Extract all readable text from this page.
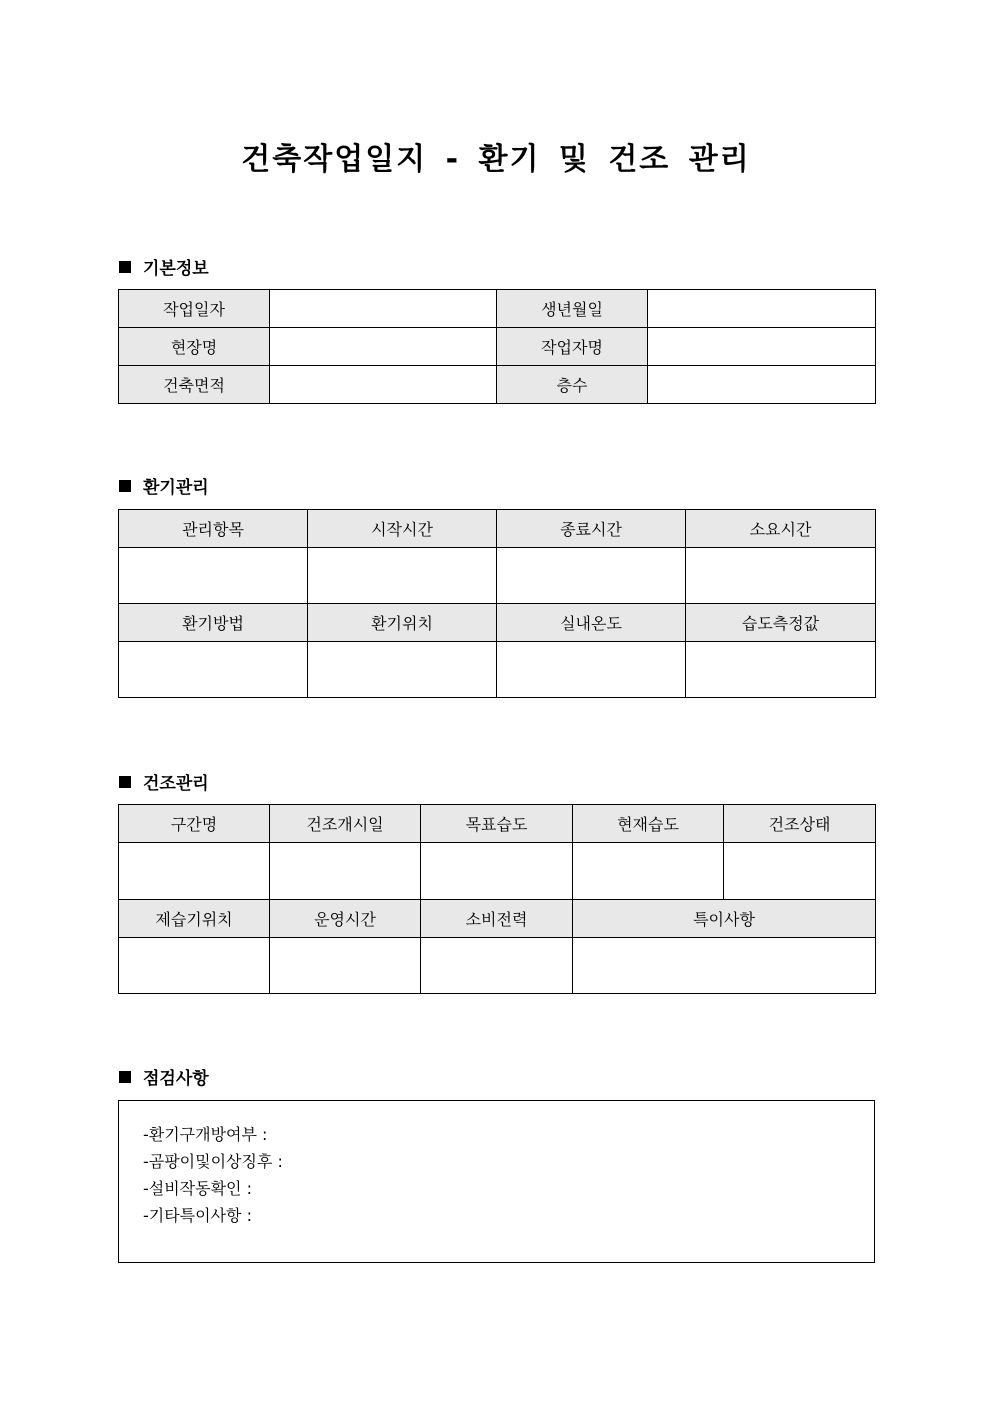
건축작업일지 - 환기 및 건조 관리
기본정보
작업일자		생년월일	
현장명		작업자명	
건축면적		층수	
환기관리
관리항목	시작시간	종료시간	소요시간

환기방법	환기위치	실내온도	습도측정값

건조관리
구간명	건조개시일	목표습도	현재습도	건조상태

제습기위치	운영시간	소비전력	특이사항	

점검사항
-환기구개방여부 :
-곰팡이및이상징후 :
-설비작동확인 :
-기타특이사항 :
